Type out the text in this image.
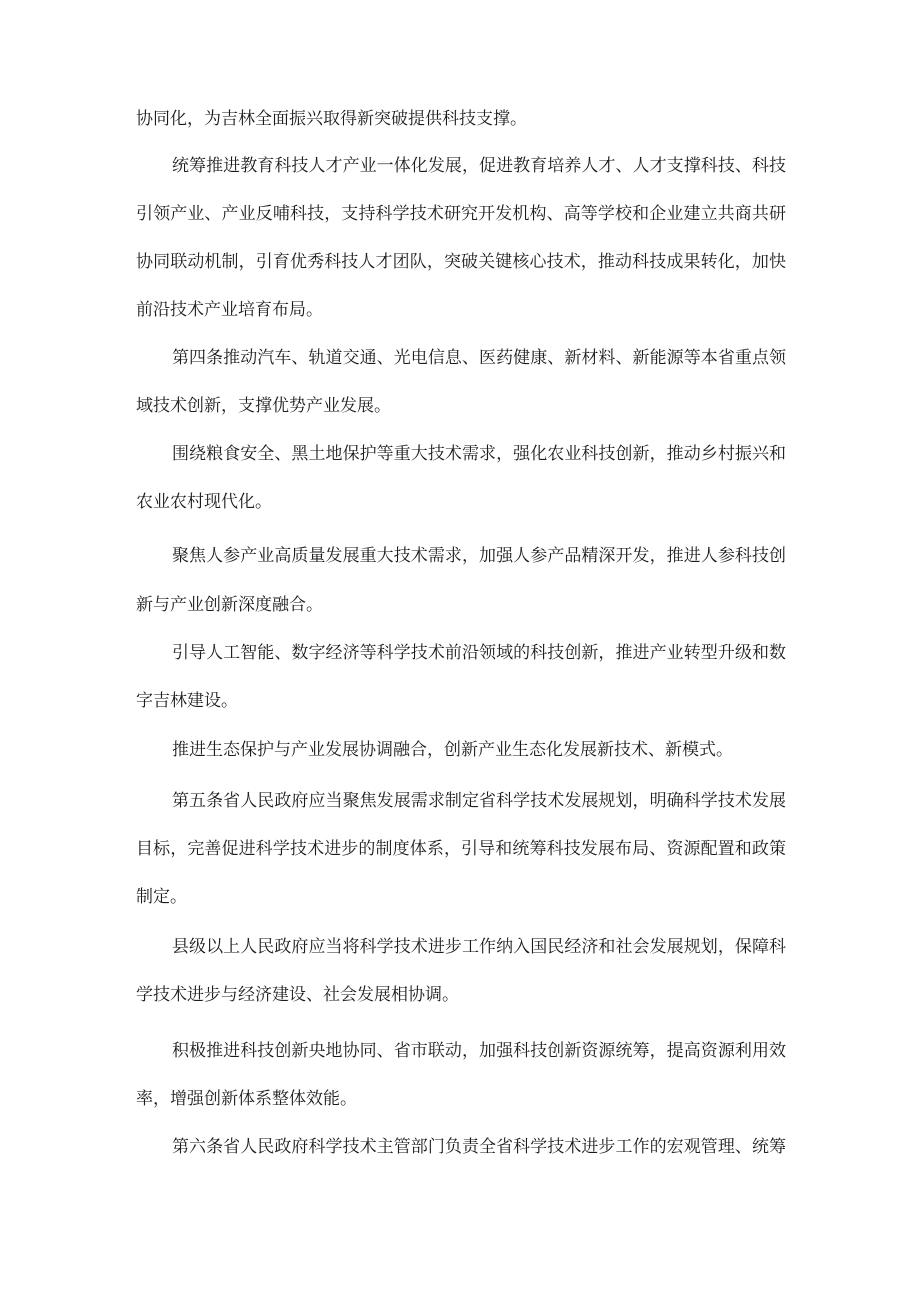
协同化，为吉林全面振兴取得新突破提供科技支撑。
统筹推进教育科技人才产业一体化发展，促进教育培养人才、人才支撑科技、科技
引领产业、产业反哺科技，支持科学技术研究开发机构、高等学校和企业建立共商共研
协同联动机制，引育优秀科技人才团队，突破关键核心技术，推动科技成果转化，加快
前沿技术产业培育布局。
第四条推动汽车、轨道交通、光电信息、医药健康、新材料、新能源等本省重点领
域技术创新，支撑优势产业发展。
围绕粮食安全、黑土地保护等重大技术需求，强化农业科技创新，推动乡村振兴和
农业农村现代化。
聚焦人参产业高质量发展重大技术需求，加强人参产品精深开发，推进人参科技创
新与产业创新深度融合。
引导人工智能、数字经济等科学技术前沿领域的科技创新，推进产业转型升级和数
字吉林建设。
推进生态保护与产业发展协调融合，创新产业生态化发展新技术、新模式。
第五条省人民政府应当聚焦发展需求制定省科学技术发展规划，明确科学技术发展
目标，完善促进科学技术进步的制度体系，引导和统筹科技发展布局、资源配置和政策
制定。
县级以上人民政府应当将科学技术进步工作纳入国民经济和社会发展规划，保障科
学技术进步与经济建设、社会发展相协调。
积极推进科技创新央地协同、省市联动，加强科技创新资源统筹，提高资源利用效
率，增强创新体系整体效能。
第六条省人民政府科学技术主管部门负责全省科学技术进步工作的宏观管理、统筹
